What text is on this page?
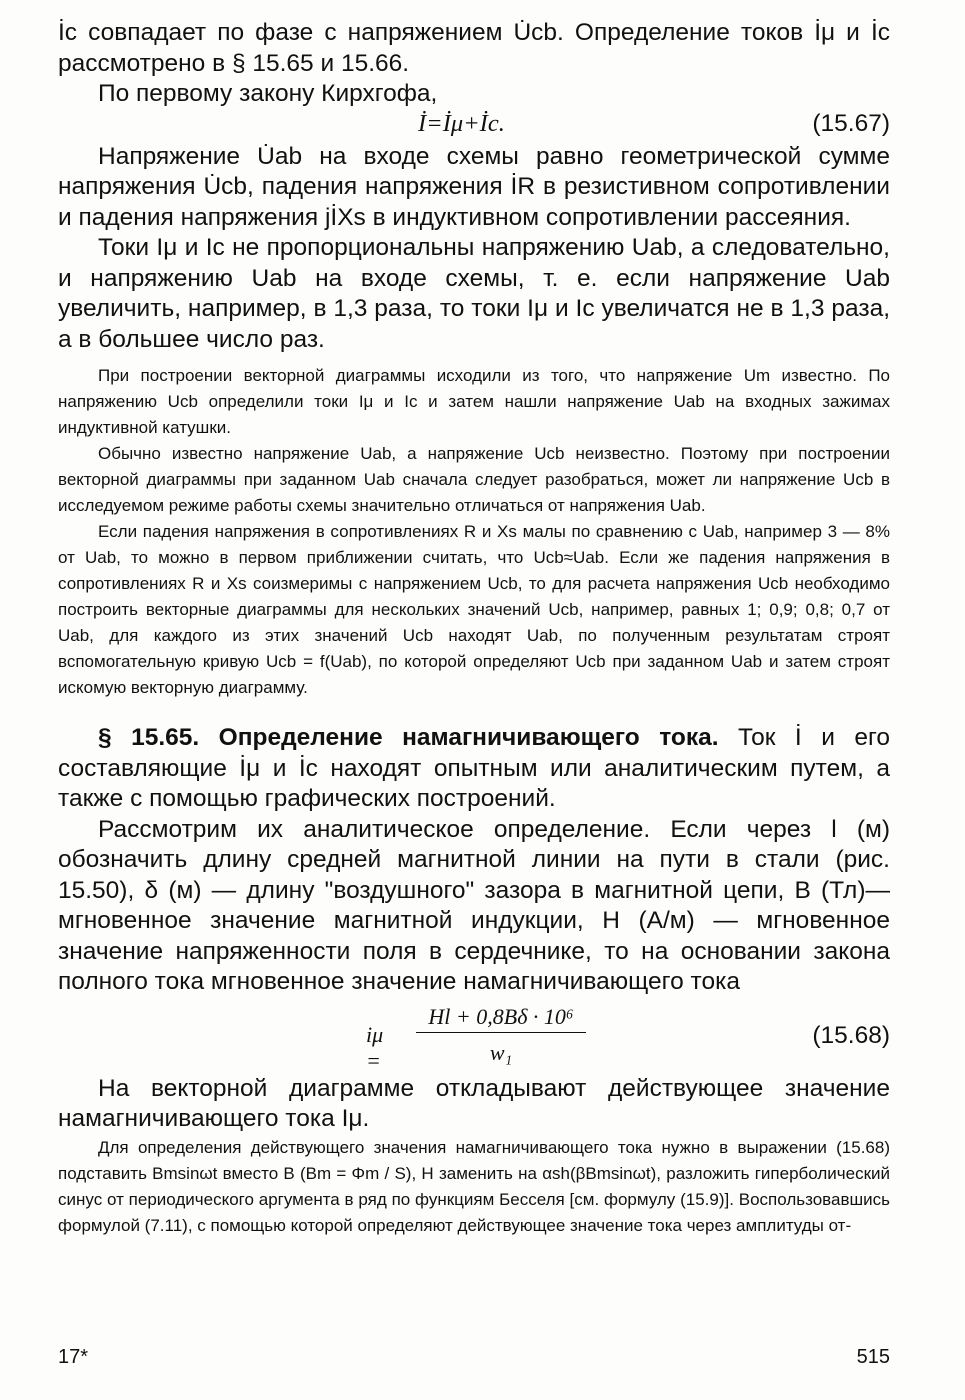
İc совпадает по фазе с напряжением U̇cb. Определение токов İμ и İc рассмотрено в § 15.65 и 15.66.

По первому закону Кирхгофа,

İ=İμ+İc.	(15.67)

Напряжение U̇ab на входе схемы равно геометрической сумме напряжения U̇cb, падения напряжения İR в резистивном сопротивлении и падения напряжения jİXs в индуктивном сопротивлении рассеяния.

Токи Iμ и Ic не пропорциональны напряжению Uab, а следовательно, и напряжению Uab на входе схемы, т. е. если напряжение Uab увеличить, например, в 1,3 раза, то токи Iμ и Ic увеличатся не в 1,3 раза, а в большее число раз.

При построении векторной диаграммы исходили из того, что напряжение Um известно. По напряжению Ucb определили токи Iμ и Ic и затем нашли напряжение Uab на входных зажимах индуктивной катушки.

Обычно известно напряжение Uab, а напряжение Ucb неизвестно. Поэтому при построении векторной диаграммы при заданном Uab сначала следует разобраться, может ли напряжение Ucb в исследуемом режиме работы схемы значительно отличаться от напряжения Uab.

Если падения напряжения в сопротивлениях R и Xs малы по сравнению с Uab, например 3 — 8% от Uab, то можно в первом приближении считать, что Ucb≈Uab. Если же падения напряжения в сопротивлениях R и Xs соизмеримы с напряжением Ucb, то для расчета напряжения Ucb необходимо построить векторные диаграммы для нескольких значений Ucb, например, равных 1; 0,9; 0,8; 0,7 от Uab, для каждого из этих значений Ucb находят Uab, по полученным результатам строят вспомогательную кривую Ucb = f(Uab), по которой определяют Ucb при заданном Uab и затем строят искомую векторную диаграмму.

§ 15.65. Определение намагничивающего тока. Ток İ и его составляющие İμ и İc находят опытным или аналитическим путем, а также с помощью графических построений.

Рассмотрим их аналитическое определение. Если через l (м) обозначить длину средней магнитной линии на пути в стали (рис. 15.50), δ (м) — длину "воздушного" зазора в магнитной цепи, B (Тл)— мгновенное значение магнитной индукции, H (А/м) — мгновенное значение напряженности поля в сердечнике, то на основании закона полного тока мгновенное значение намагничивающего тока

iμ =
Hl + 0,8Bδ · 10⁶
w₁
(15.68)

На векторной диаграмме откладывают действующее значение намагничивающего тока Iμ.

Для определения действующего значения намагничивающего тока нужно в выражении (15.68) подставить Bmsinωt вместо B (Bm = Φm / S), H заменить на αsh(βBmsinωt), разложить гиперболический синус от периодического аргумента в ряд по функциям Бесселя [см. формулу (15.9)]. Воспользовавшись формулой (7.11), с помощью которой определяют действующее значение тока через амплитуды от-

17*	515
